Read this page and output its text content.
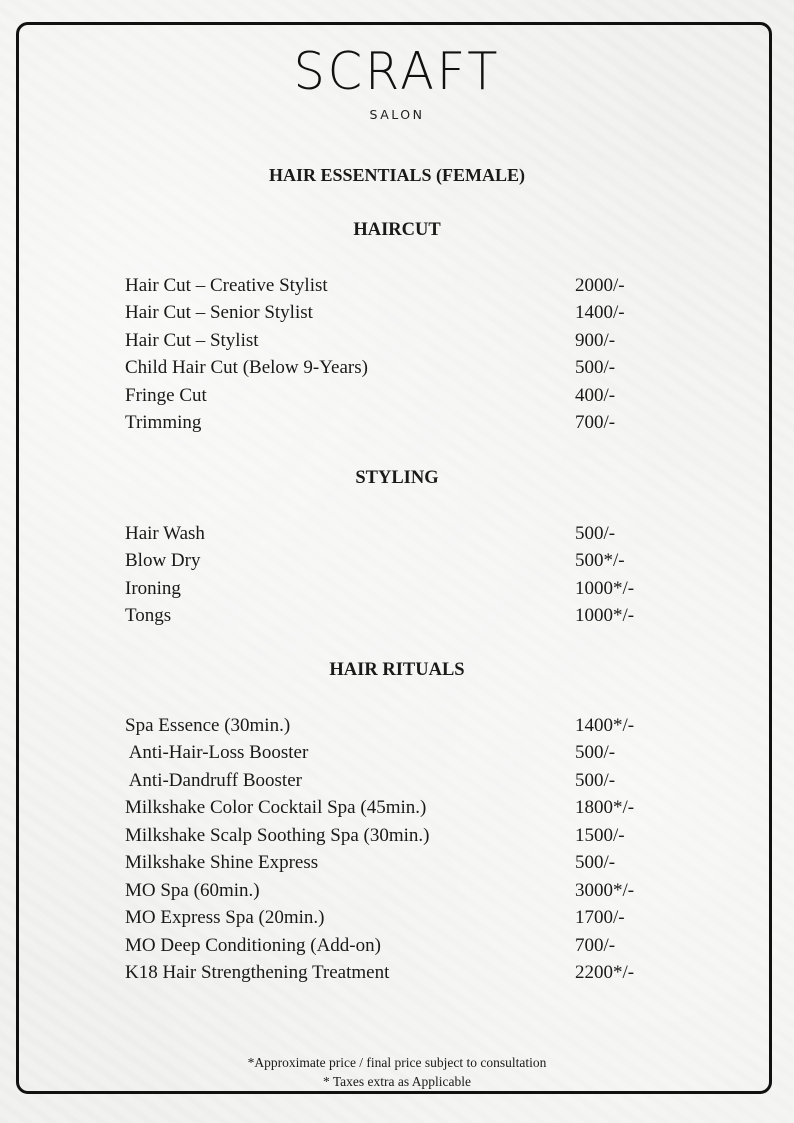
SCRAFT
SALON
HAIR ESSENTIALS (FEMALE)
HAIRCUT
Hair Cut – Creative Stylist	2000/-
Hair Cut – Senior Stylist	1400/-
Hair Cut – Stylist	900/-
Child Hair Cut (Below 9-Years)	500/-
Fringe Cut	400/-
Trimming	700/-
STYLING
Hair Wash	500/-
Blow Dry	500*/-
Ironing	1000*/-
Tongs	1000*/-
HAIR RITUALS
Spa Essence (30min.)	1400*/-
Anti-Hair-Loss Booster	500/-
Anti-Dandruff Booster	500/-
Milkshake Color Cocktail Spa (45min.)	1800*/-
Milkshake Scalp Soothing Spa (30min.)	1500/-
Milkshake Shine Express	500/-
MO Spa (60min.)	3000*/-
MO Express Spa (20min.)	1700/-
MO Deep Conditioning (Add-on)	700/-
K18 Hair Strengthening Treatment	2200*/-
*Approximate price / final price subject to consultation
* Taxes extra as Applicable
